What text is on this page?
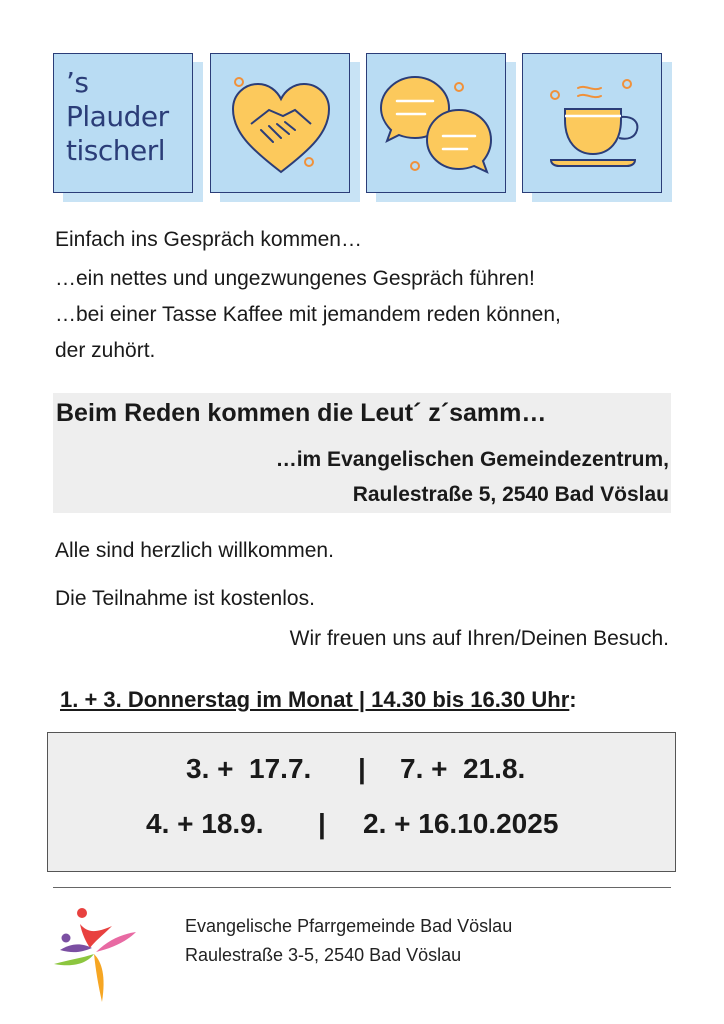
’s
Plauder
tischerl
Einfach ins Gespräch kommen…
…ein nettes und ungezwungenes Gespräch führen!
…bei einer Tasse Kaffee mit jemandem reden können,
der zuhört.
Beim Reden kommen die Leut´ z´samm…
…im Evangelischen Gemeindezentrum,
Raulestraße 5, 2540 Bad Vöslau
Alle sind herzlich willkommen.
Die Teilnahme ist kostenlos.
Wir freuen uns auf Ihren/Deinen Besuch.
1. + 3. Donnerstag im Monat | 14.30 bis 16.30 Uhr:
3. +  17.7. | 7. +  21.8.
4. + 18.9. | 2. + 16.10.2025
Evangelische Pfarrgemeinde Bad Vöslau
Raulestraße 3-5, 2540 Bad Vöslau
